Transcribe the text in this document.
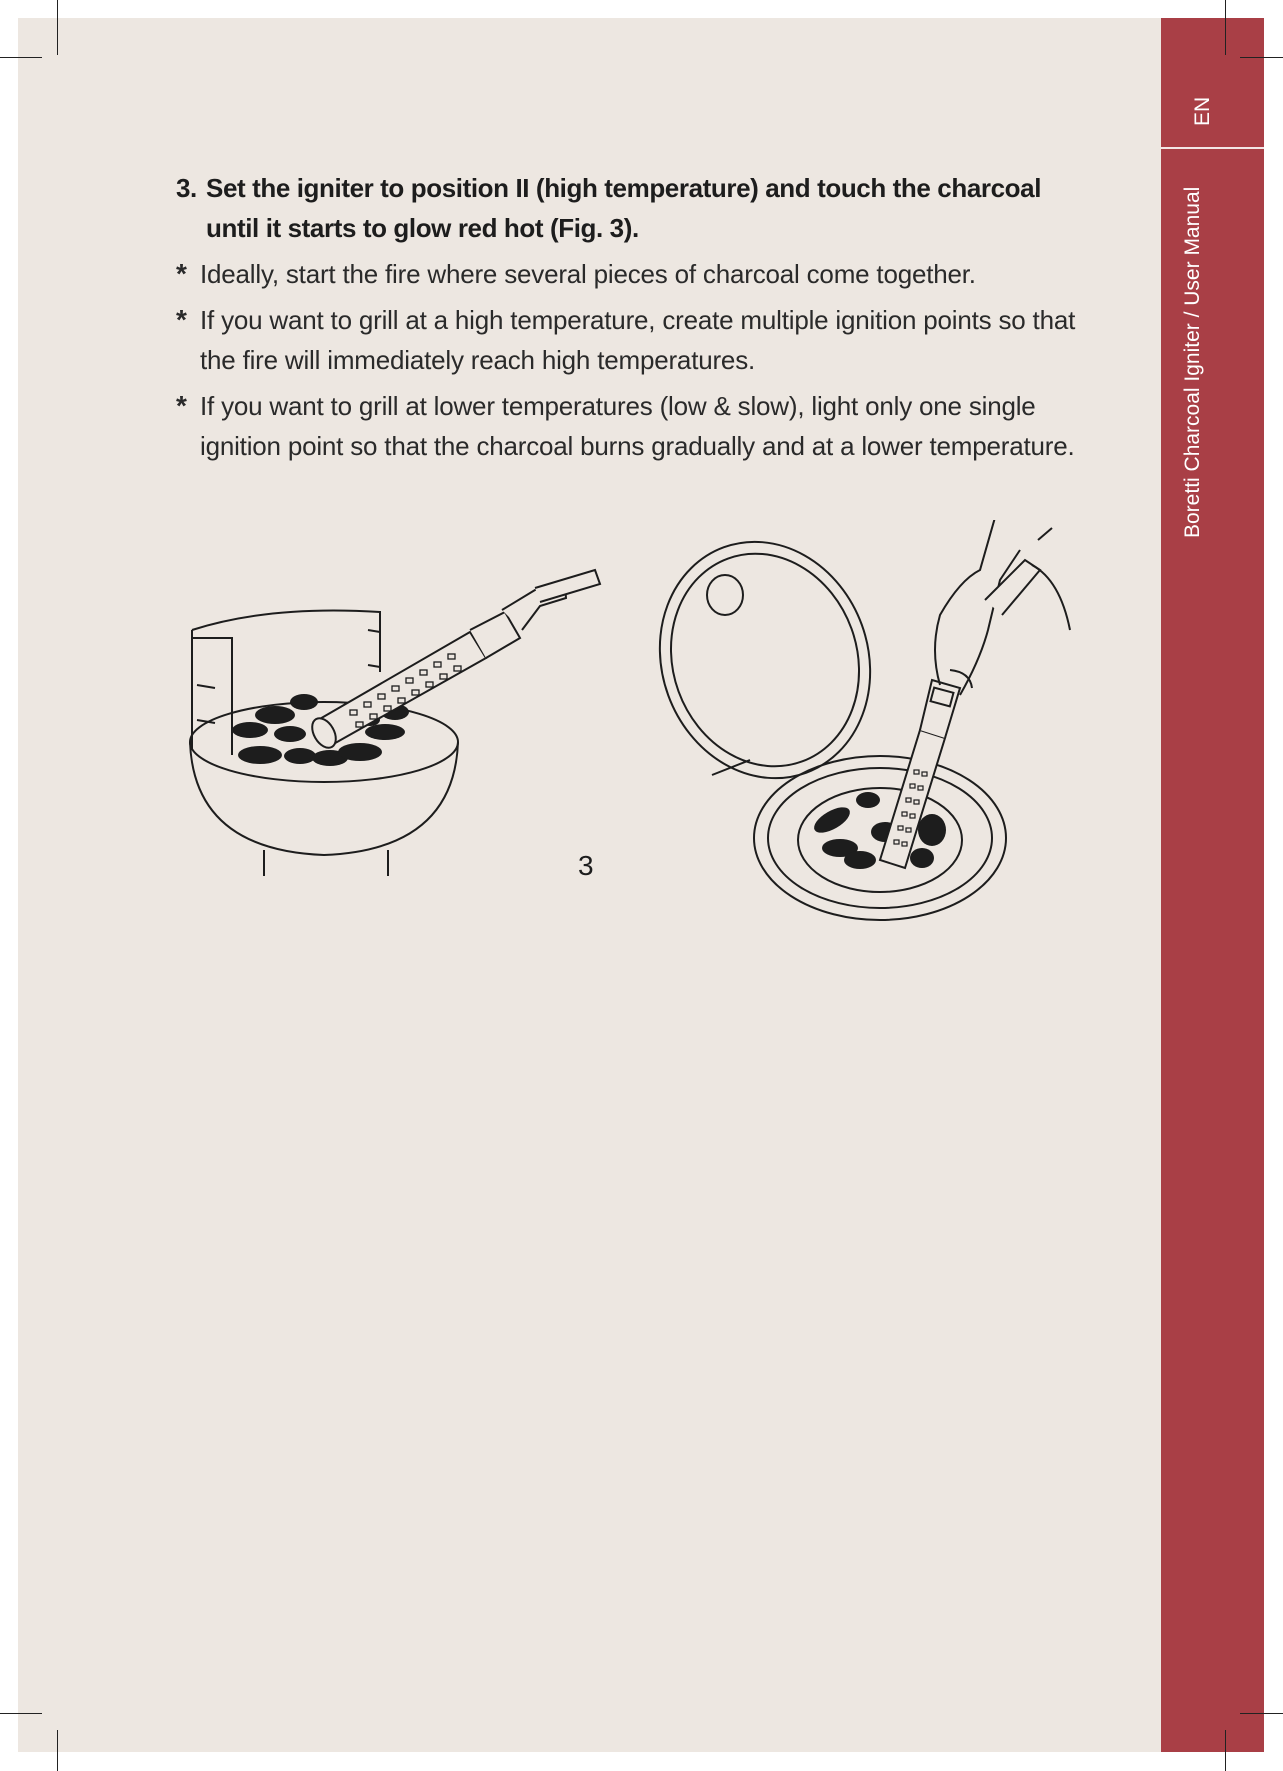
EN
Boretti Charcoal Igniter / User Manual
3. Set the igniter to position II (high temperature) and touch the charcoal until it starts to glow red hot (Fig. 3).
* Ideally, start the fire where several pieces of charcoal come together.
* If you want to grill at a high temperature, create multiple ignition points so that the fire will immediately reach high temperatures.
* If you want to grill at lower temperatures (low & slow), light only one single ignition point so that the charcoal burns gradually and at a lower temperature.
3
